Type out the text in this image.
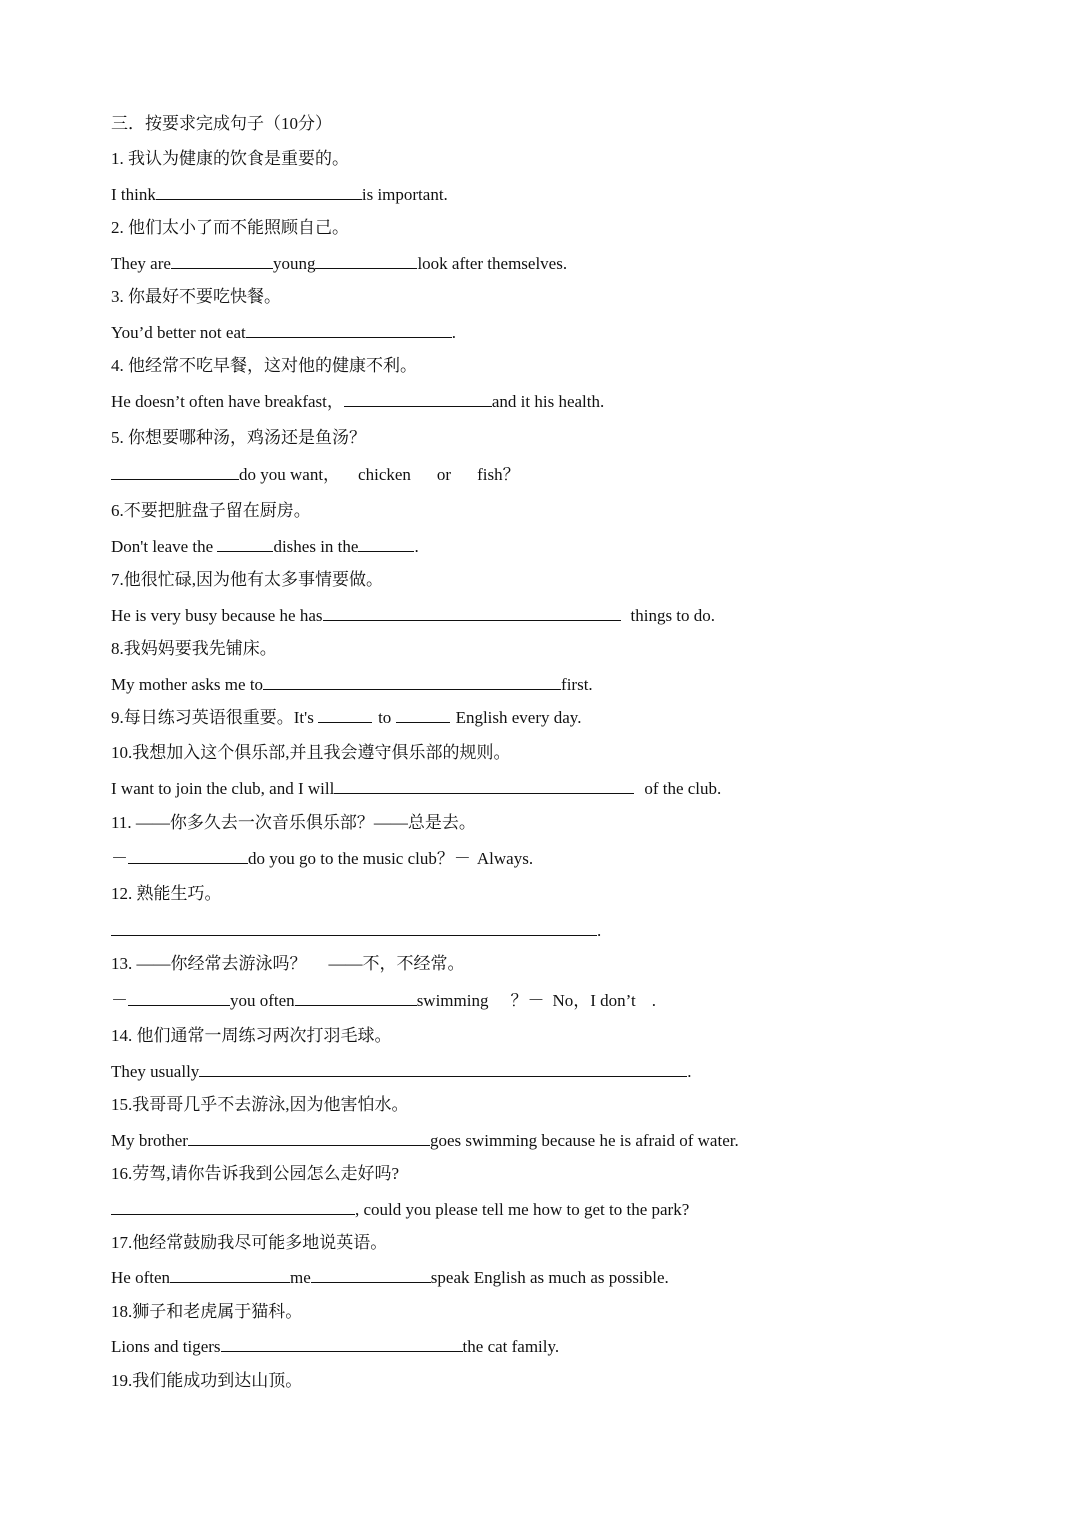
三．按要求完成句子（10分）
1. 我认为健康的饮食是重要的。
I think	is important.
2. 他们太小了而不能照顾自己。
They are	young	look after themselves.
3. 你最好不要吃快餐。
You’d better not eat	.
4. 他经常不吃早餐，这对他的健康不利。
He doesn’t often have breakfast，	and it his health.
5. 你想要哪种汤，鸡汤还是鱼汤？
do you want， chicken or fish？
6.不要把脏盘子留在厨房。
Don't leave the	dishes in the	.
7.他很忙碌,因为他有太多事情要做。
He is very busy because he has	things to do.
8.我妈妈要我先铺床。
My mother asks me to	first.
9.每日练习英语很重要。It's	to	English every day.
10.我想加入这个俱乐部,并且我会遵守俱乐部的规则。
I want to join the club, and I will	of the club.
11. ——你多久去一次音乐俱乐部？——总是去。
－	do you go to the music club？－ Always.
12. 熟能生巧。
.
13. ——你经常去游泳吗？ ——不，不经常。
－	you often	swimming ？－ No，I don’t .
14. 他们通常一周练习两次打羽毛球。
They usually	.
15.我哥哥几乎不去游泳,因为他害怕水。
My brother	goes swimming because he is afraid of water.
16.劳驾,请你告诉我到公园怎么走好吗?
, could you please tell me how to get to the park?
17.他经常鼓励我尽可能多地说英语。
He often	me	speak English as much as possible.
18.狮子和老虎属于猫科。
Lions and tigers	the cat family.
19.我们能成功到达山顶。
